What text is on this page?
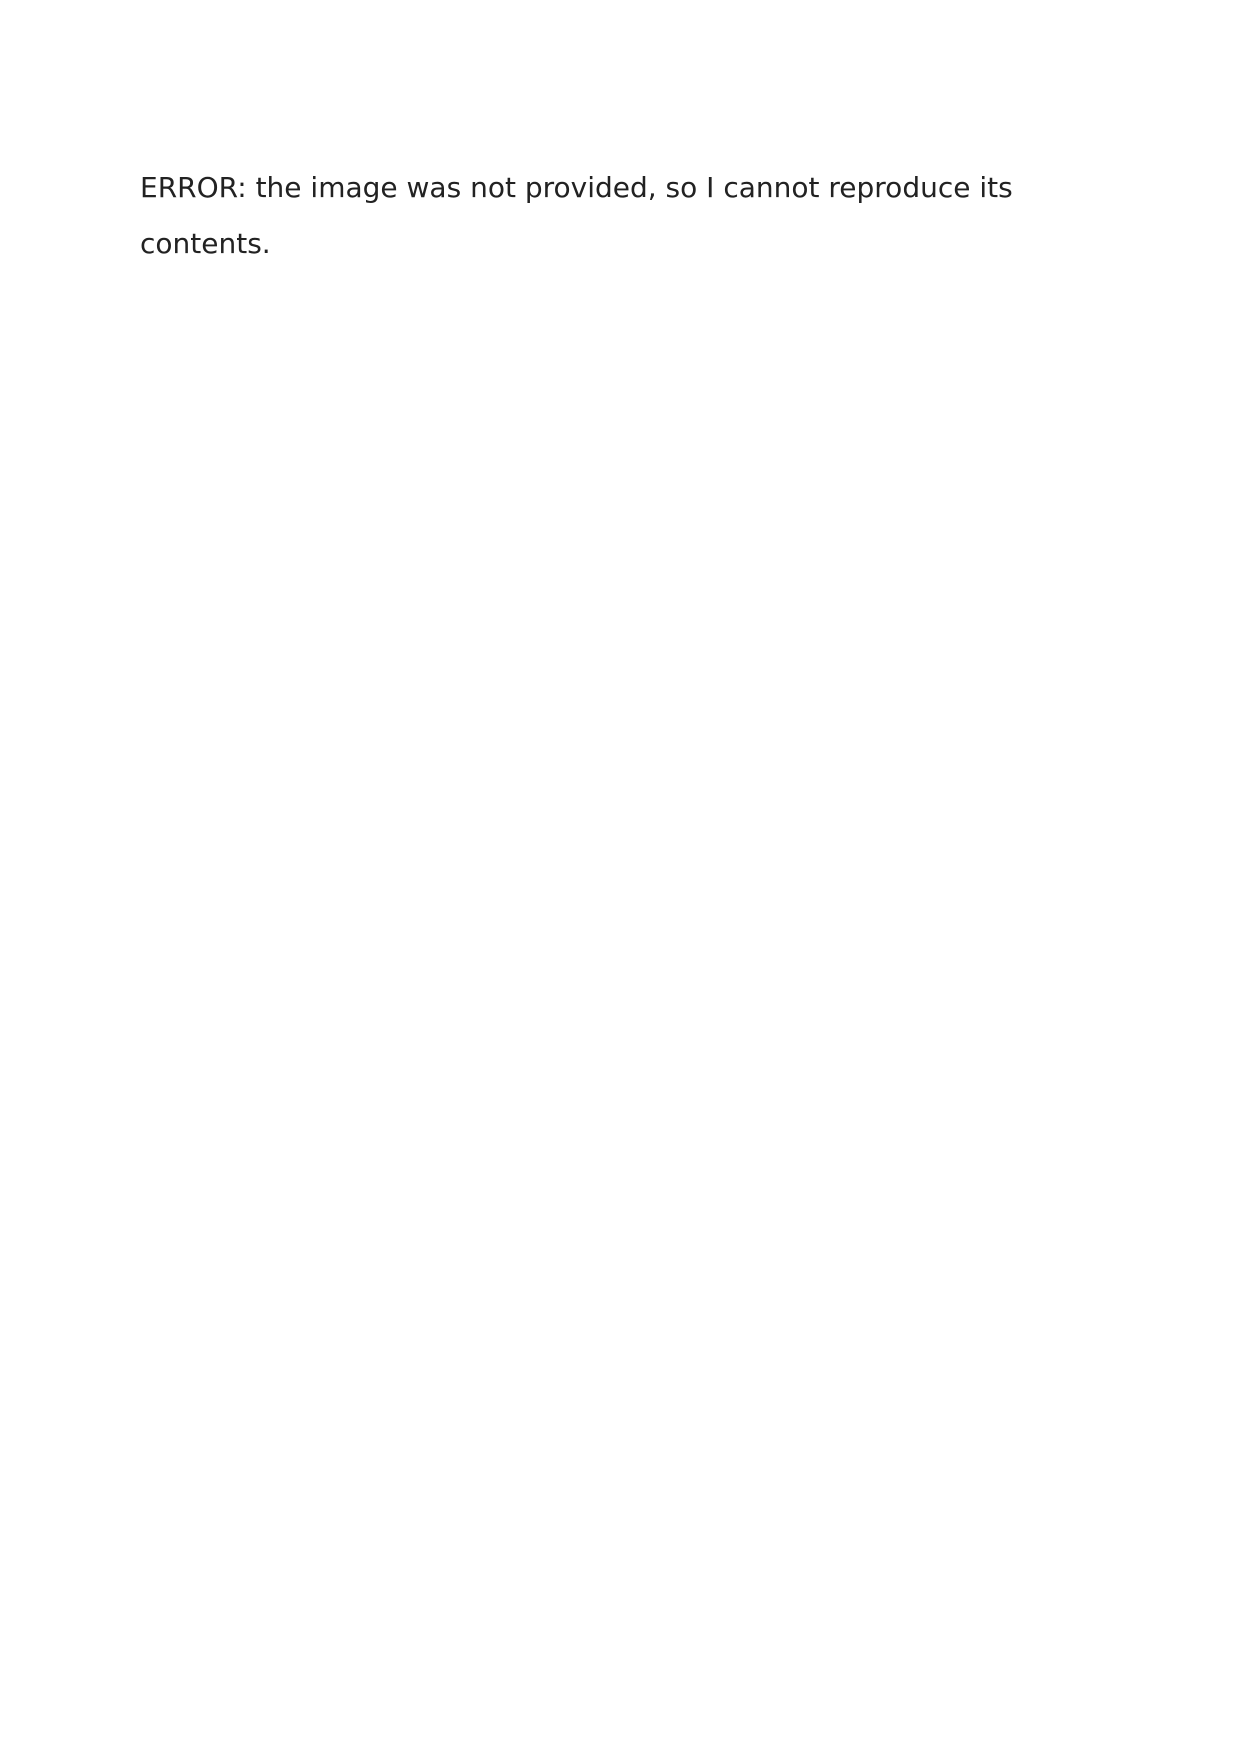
ERROR: the image was not provided, so I cannot reproduce its contents.
